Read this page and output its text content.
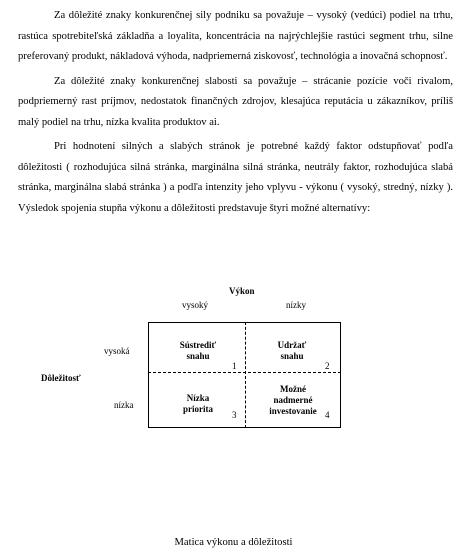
Za dôležité znaky konkurenčnej sily podniku sa považuje – vysoký (vedúci) podiel na trhu, rastúca spotrebiteľská základňa a loyalita, koncentrácia na najrýchlejšie rastúci segment trhu, silne preferovaný produkt, nákladová výhoda, nadpriemerná ziskovosť, technológia a inovačná schopnosť.

Za dôležité znaky konkurenčnej slabosti sa považuje – strácanie pozície voči rivalom, podpriemerný rast príjmov, nedostatok finančných zdrojov, klesajúca reputácia u zákazníkov, príliš malý podiel na trhu, nízka kvalita produktov ai.

Pri hodnotení silných a slabých stránok je potrebné každý faktor odstupňovať podľa dôležitosti ( rozhodujúca silná stránka, marginálna silná stránka, neutrály faktor, rozhodujúca slabá stránka, marginálna slabá stránka ) a podľa intenzity jeho vplyvu - výkonu ( vysoký, stredný, nízky ). Výsledok spojenia stupňa výkonu a dôležitosti predstavuje štyri možné alternatívy:

Výkon
vysoký	nízky
Dôležitosť
vysoká
nízka
Sústrediť
snahu
1
Udržať
snahu
2
Nízka
priorita
3
Možné
nadmerné
investovanie 4
Matica výkonu a dôležitosti
